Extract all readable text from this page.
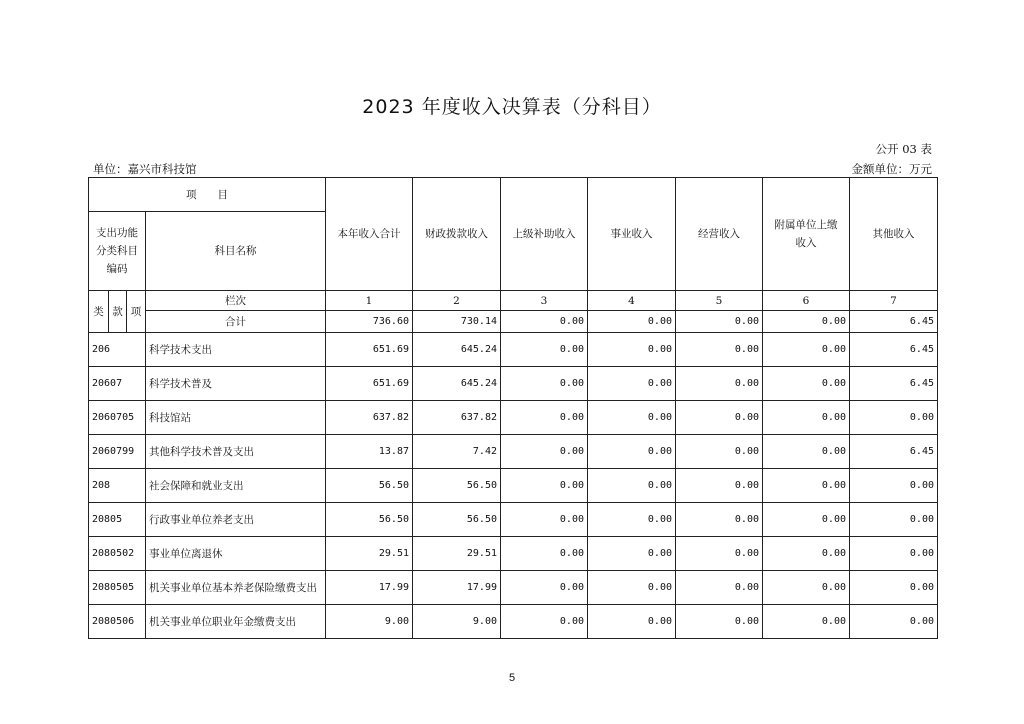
2023 年度收入决算表（分科目）
公开 03 表
单位：嘉兴市科技馆	金额单位：万元
项　　目				本年收入合计	财政拨款收入	上级补助收入	事业收入	经营收入	附属单位上缴收入	其他收入
支出功能分类科目编码			科目名称							
类	款	项	栏次	1	2	3	4	5	6	7
			合计	736.60	730.14	0.00	0.00	0.00	0.00	6.45
206			科学技术支出	651.69	645.24	0.00	0.00	0.00	0.00	6.45
20607			科学技术普及	651.69	645.24	0.00	0.00	0.00	0.00	6.45
2060705			科技馆站	637.82	637.82	0.00	0.00	0.00	0.00	0.00
2060799			其他科学技术普及支出	13.87	7.42	0.00	0.00	0.00	0.00	6.45
208			社会保障和就业支出	56.50	56.50	0.00	0.00	0.00	0.00	0.00
20805			行政事业单位养老支出	56.50	56.50	0.00	0.00	0.00	0.00	0.00
2080502			事业单位离退休	29.51	29.51	0.00	0.00	0.00	0.00	0.00
2080505			机关事业单位基本养老保险缴费支出	17.99	17.99	0.00	0.00	0.00	0.00	0.00
2080506			机关事业单位职业年金缴费支出	9.00	9.00	0.00	0.00	0.00	0.00	0.00
5
